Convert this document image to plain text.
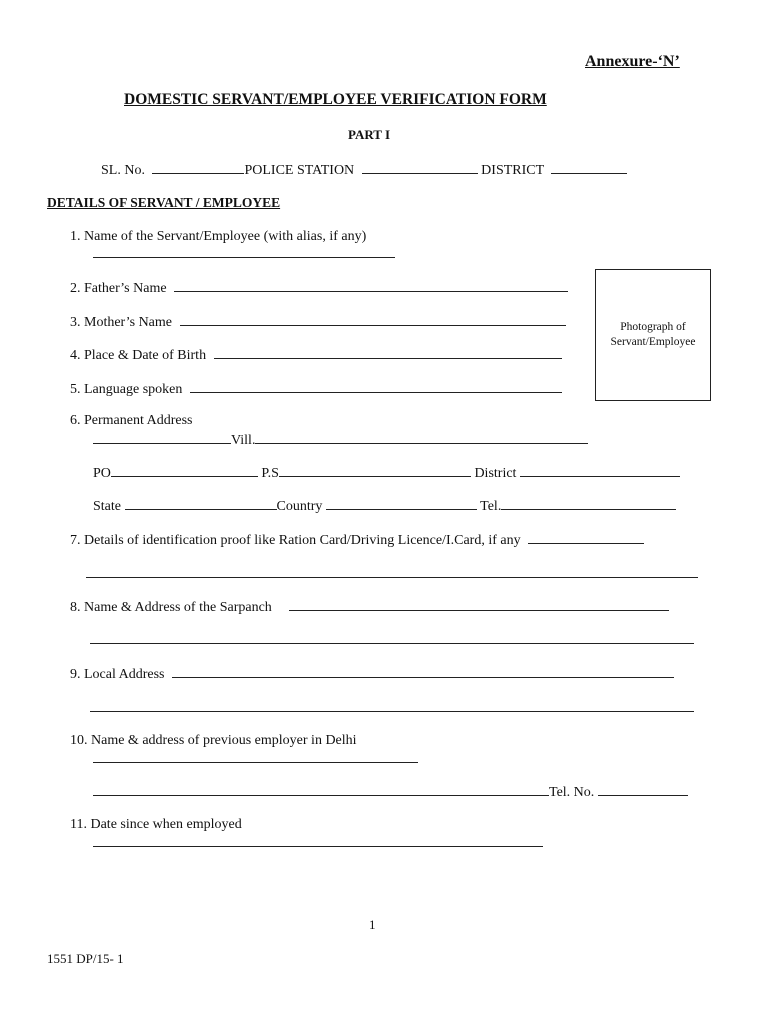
Annexure-‘N’
DOMESTIC SERVANT/EMPLOYEE VERIFICATION FORM
PART I
SL. No.	POLICE STATION	DISTRICT
DETAILS OF SERVANT / EMPLOYEE
Photograph of Servant/Employee
1. Name of the Servant/Employee (with alias, if any)
2. Father’s Name
3. Mother’s Name
4. Place & Date of Birth
5. Language spoken
6. Permanent Address
Vill.
PO	P.S	District
State	Country	Tel.
7. Details of identification proof like Ration Card/Driving Licence/I.Card, if any
8. Name & Address of the Sarpanch
9. Local Address
10. Name & address of previous employer in Delhi
Tel. No.
11. Date since when employed
1
1551 DP/15- 1
